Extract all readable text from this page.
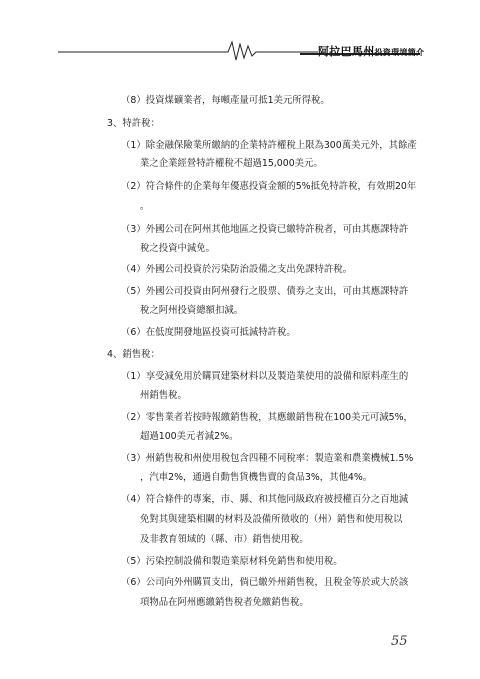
阿拉巴馬州投資環境簡介
（8）投資煤礦業者，每噸產量可抵1美元所得稅。
3、特許稅：
（1）除金融保險業所繳納的企業特許權稅上限為300萬美元外，其餘產
業之企業經營特許權稅不超過15,000美元。
（2）符合條件的企業每年優惠投資金額的5%抵免特許稅，有效期20年
。
（3）外國公司在阿州其他地區之投資已繳特許稅者，可由其應課特許
稅之投資中減免。
（4）外國公司投資於污染防治設備之支出免課特許稅。
（5）外國公司投資由阿州發行之股票、債券之支出，可由其應課特許
稅之阿州投資總額扣減。
（6）在低度開發地區投資可抵減特許稅。
4、銷售稅：
（1）享受減免用於購買建築材料以及製造業使用的設備和原料產生的
州銷售稅。
（2）零售業者若按時報繳銷售稅，其應繳銷售稅在100美元可減5%，
超過100美元者減2%。
（3）州銷售稅和州使用稅包含四種不同稅率：製造業和農業機械1.5%
，汽車2%，通過自動售貨機售賣的食品3%，其他4%。
（4）符合條件的專案，市、縣、和其他同級政府被授權百分之百地減
免對其與建築相關的材料及設備所徵收的（州）銷售和使用稅以
及非教育領域的（縣、市）銷售使用稅。
（5）污染控制設備和製造業原材料免銷售和使用稅。
（6）公司向外州購買支出，倘已繳外州銷售稅，且稅金等於或大於該
項物品在阿州應繳銷售稅者免繳銷售稅。
55
